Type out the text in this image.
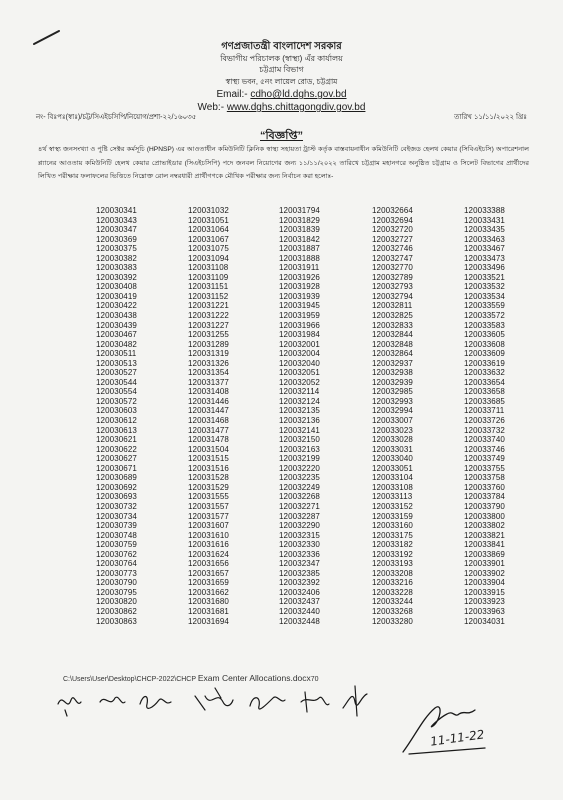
গণপ্রজাতন্ত্রী বাংলাদেশ সরকার
বিভাগীয় পরিচালক (স্বাস্থ্য) এঁর কার্যালয়
চট্টগ্রাম বিভাগ
স্বাস্থ্য ভবন, ৫নং লায়েল রোড, চট্টগ্রাম
Email:- cdho@ld.dghs.gov.bd
Web:- www.dghs.chittagongdiv.gov.bd
নং- বিঃপঃ(স্বাঃ)/চট্ট/সিএইচসিপি/নিয়োগ/প্রশা-২২/১৬০৩৫	তারিখ ১১/১১/২০২২ খ্রিঃ
“বিজ্ঞপ্তি”
৪র্থ স্বাস্থ্য জনসংখ্যা ও পুষ্টি সেক্টর কর্মসূচি (HPNSP) এর আওতাধীন কমিউনিটি ক্লিনিক স্বাস্থ্য সহায়তা ট্রাস্ট কর্তৃক বাস্তবায়নাধীন কমিউনিটি বেইজড হেলথ কেয়ার (সিবিএইচসি) অপারেশনাল প্ল্যানের আওতায় কমিউনিটি হেলথ কেয়ার প্রোভাইডার (সিএইচসিপি) পদে জনবল নিয়োগের জন্য ১১/১১/২০২২ তারিখে চট্টগ্রাম মহানগরে অনুষ্ঠিত চট্টগ্রাম ও সিলেট বিভাগের প্রার্থীদের লিখিত পরীক্ষার ফলাফলের ভিত্তিতে নিম্নোক্ত রোল নম্বরধারী প্রার্থীগণকে মৌখিক পরীক্ষার জন্য নির্বাচন করা হলোঃ-
120030341
120030343
120030347
120030369
120030375
120030382
120030383
120030392
120030408
120030419
120030422
120030438
120030439
120030467
120030482
120030511
120030513
120030527
120030544
120030554
120030572
120030603
120030612
120030613
120030621
120030622
120030627
120030671
120030689
120030692
120030693
120030732
120030734
120030739
120030748
120030759
120030762
120030764
120030773
120030790
120030795
120030820
120030862
120030863
120031032
120031051
120031064
120031067
120031075
120031094
120031108
120031109
120031151
120031152
120031221
120031222
120031227
120031255
120031289
120031319
120031326
120031354
120031377
120031408
120031446
120031447
120031468
120031477
120031478
120031504
120031515
120031516
120031528
120031529
120031555
120031557
120031577
120031607
120031610
120031616
120031624
120031656
120031657
120031659
120031662
120031680
120031681
120031694
120031794
120031829
120031839
120031842
120031887
120031888
120031911
120031926
120031928
120031939
120031945
120031959
120031966
120031984
120032001
120032004
120032040
120032051
120032052
120032114
120032124
120032135
120032136
120032141
120032150
120032163
120032199
120032220
120032235
120032249
120032268
120032271
120032287
120032290
120032315
120032330
120032336
120032347
120032385
120032392
120032406
120032437
120032440
120032448
120032664
120032694
120032720
120032727
120032746
120032747
120032770
120032789
120032793
120032794
120032811
120032825
120032833
120032844
120032848
120032864
120032937
120032938
120032939
120032985
120032993
120032994
120033007
120033023
120033028
120033031
120033040
120033051
120033104
120033108
120033113
120033152
120033159
120033160
120033175
120033182
120033192
120033193
120033208
120033216
120033228
120033244
120033268
120033280
120033388
120033431
120033435
120033463
120033467
120033473
120033496
120033521
120033532
120033534
120033559
120033572
120033583
120033605
120033608
120033609
120033619
120033632
120033654
120033658
120033685
120033711
120033726
120033732
120033740
120033746
120033749
120033755
120033758
120033760
120033784
120033790
120033800
120033802
120033821
120033841
120033869
120033901
120033902
120033904
120033915
120033923
120033963
120034031
C:\Users\User\Desktop\CHCP-2022\CHCP Exam Center Allocations.docx70
11-11-22
